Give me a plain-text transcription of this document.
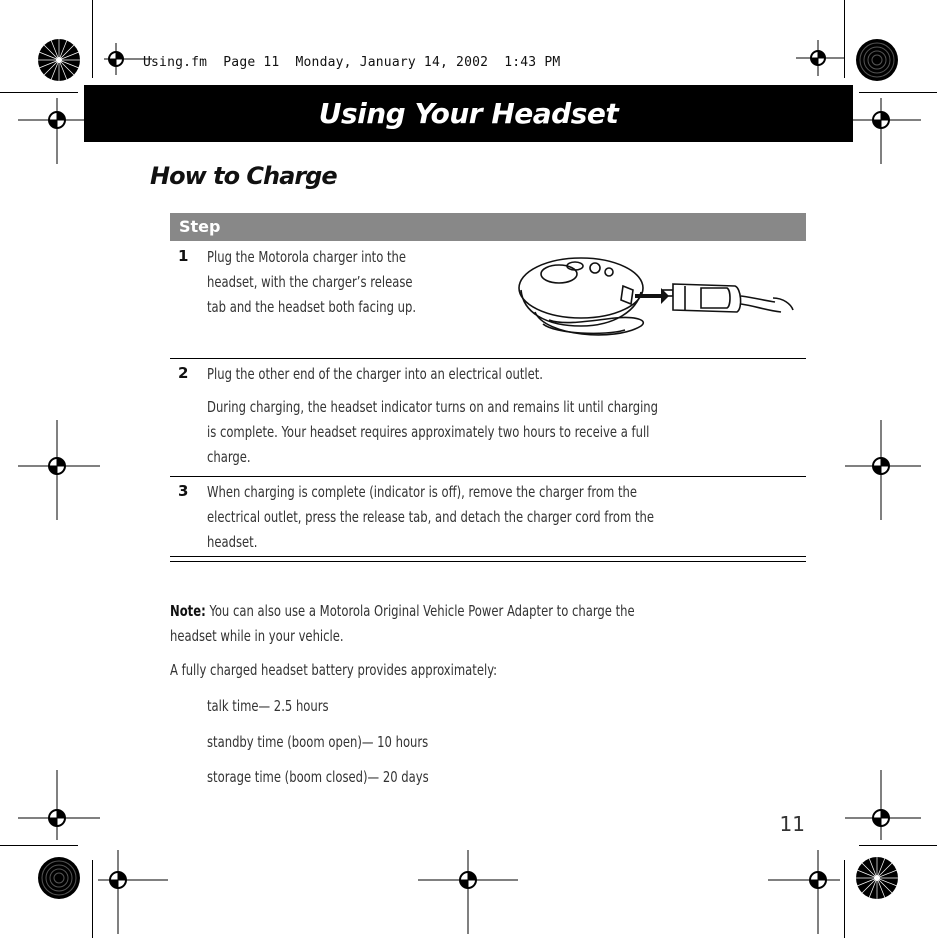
Using.fm  Page 11  Monday, January 14, 2002  1:43 PM
Using Your Headset
How to Charge
Step
1 Plug the Motorola charger into the
headset, with the charger’s release
tab and the headset both facing up.
2 Plug the other end of the charger into an electrical outlet.
During charging, the headset indicator turns on and remains lit until charging
is complete. Your headset requires approximately two hours to receive a full
charge.
3 When charging is complete (indicator is off), remove the charger from the
electrical outlet, press the release tab, and detach the charger cord from the
headset.
Note: You can also use a Motorola Original Vehicle Power Adapter to charge the
headset while in your vehicle.
A fully charged headset battery provides approximately:
talk time— 2.5 hours
standby time (boom open)— 10 hours
storage time (boom closed)— 20 days
11
